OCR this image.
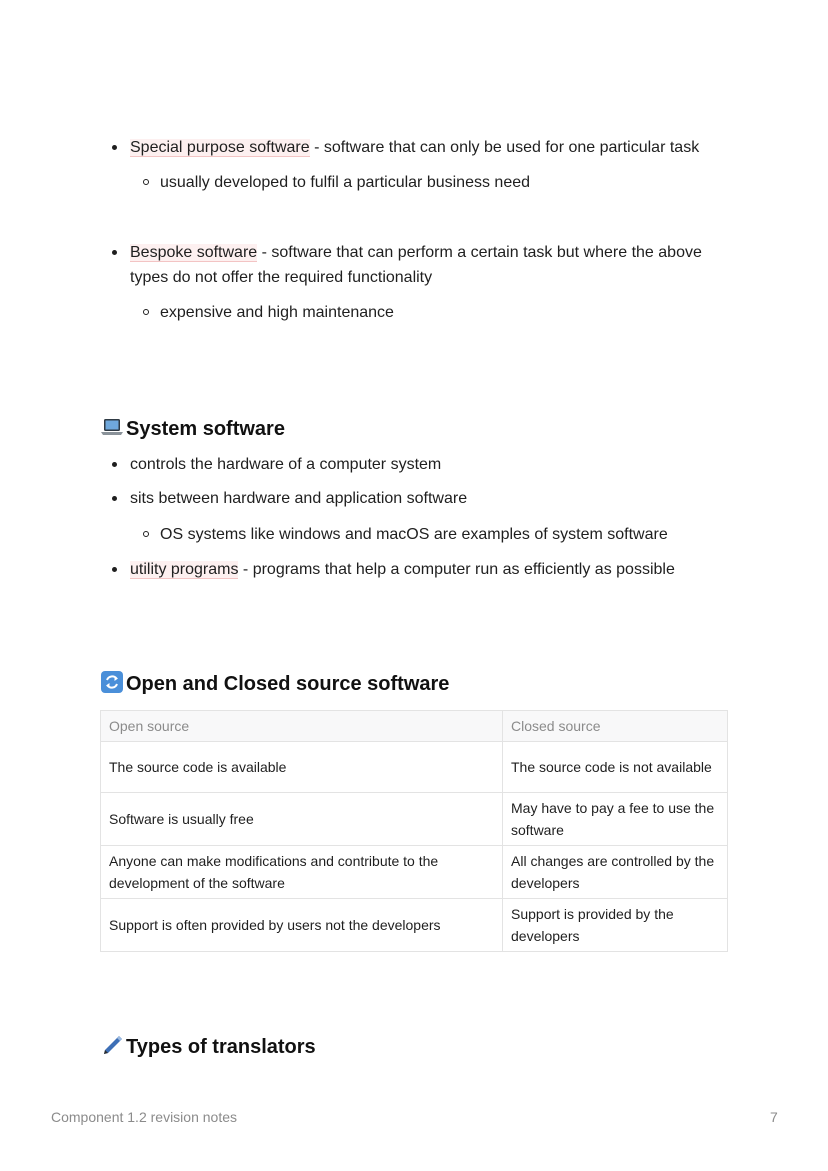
Special purpose software - software that can only be used for one particular task
usually developed to fulfil a particular business need
Bespoke software - software that can perform a certain task but where the above types do not offer the required functionality
expensive and high maintenance
System software
controls the hardware of a computer system
sits between hardware and application software
OS systems like windows and macOS are examples of system software
utility programs - programs that help a computer run as efficiently as possible
Open and Closed source software
Open source	Closed source
The source code is available	The source code is not available
Software is usually free	May have to pay a fee to use the software
Anyone can make modifications and contribute to the development of the software	All changes are controlled by the developers
Support is often provided by users not the developers	Support is provided by the developers
Types of translators
Component 1.2 revision notes	7
